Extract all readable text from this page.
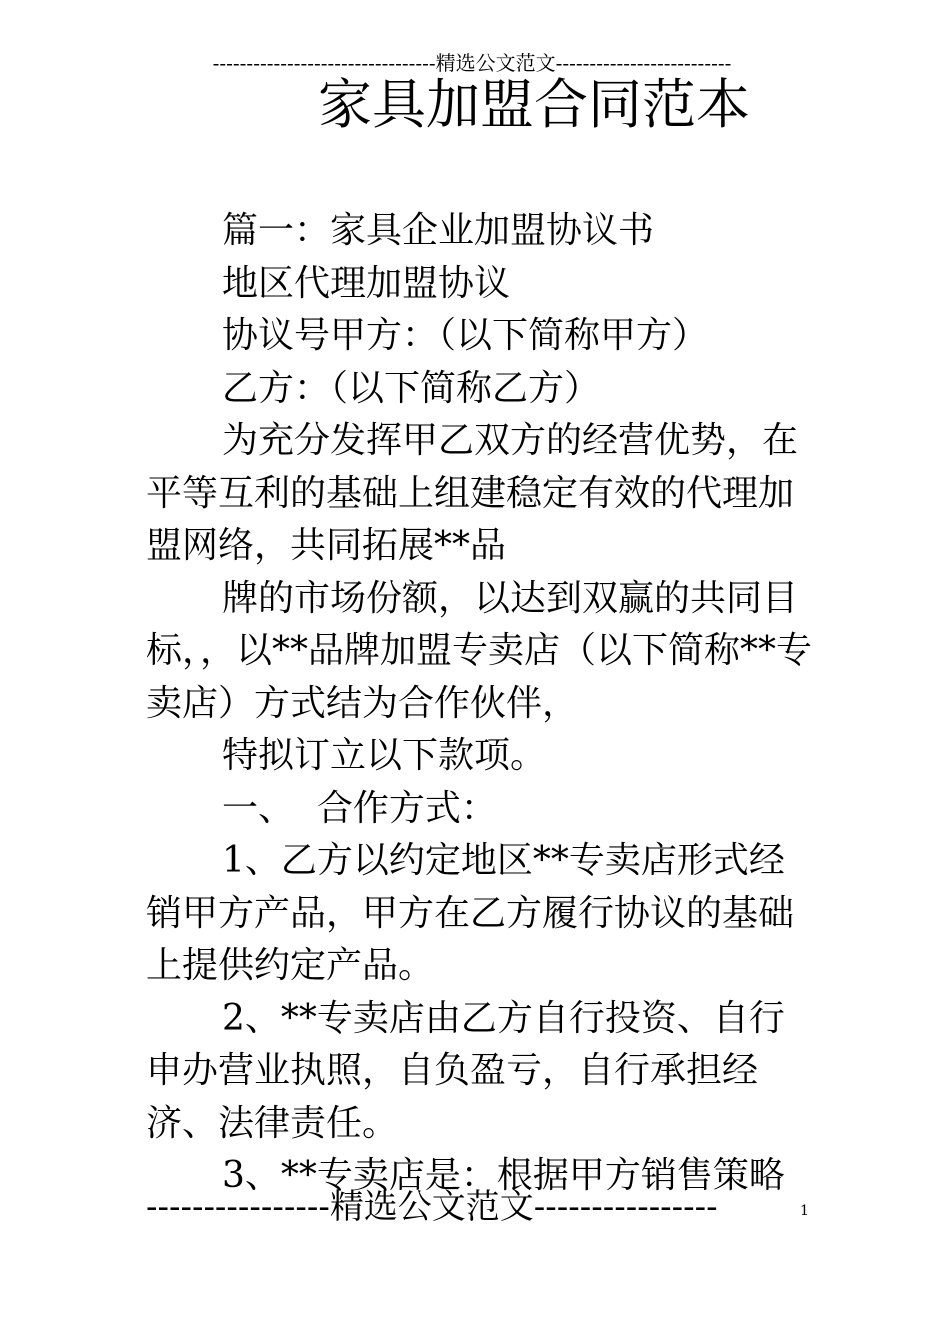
---------------------------------精选公文范文--------------------------
家具加盟合同范本

篇一：家具企业加盟协议书

地区代理加盟协议

协议号甲方：（以下简称甲方）

乙方：（以下简称乙方）

为充分发挥甲乙双方的经营优势，在平等互利的基础上组建稳定有效的代理加盟网络，共同拓展**品

牌的市场份额，以达到双赢的共同目标，，以**品牌加盟专卖店（以下简称**专卖店）方式结为合作伙伴，

特拟订立以下款项。

一、  合作方式：

1、乙方以约定地区**专卖店形式经销甲方产品，甲方在乙方履行协议的基础上提供约定产品。

2、**专卖店由乙方自行投资、自行申办营业执照，自负盈亏，自行承担经济、法律责任。

3、**专卖店是：根据甲方销售策略

----------------精选公文范文----------------	1
